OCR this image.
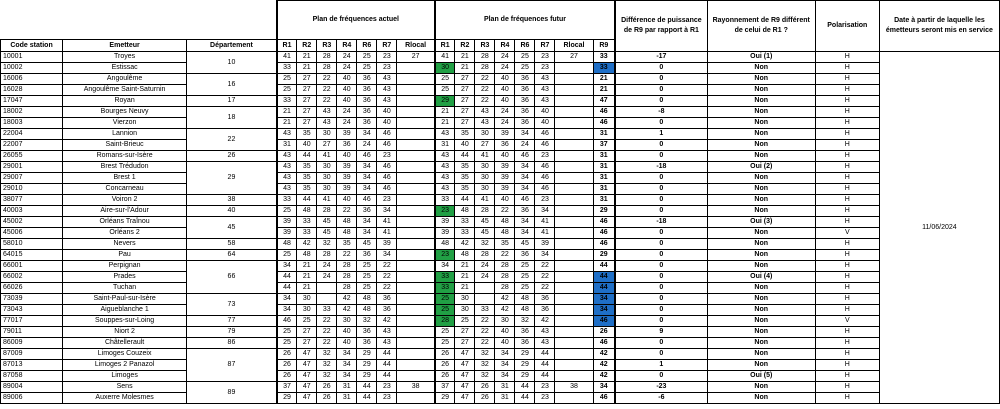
			Plan de fréquences actuel							Plan de fréquences futur								Différence de puissance de R9 par rapport à R1	Rayonnement de R9 différent de celui de R1 ?	Polarisation	Date à partir de laquelle les émetteurs seront mis en service
Code station	Emetteur	Département	R1	R2	R3	R4	R6	R7	Rlocal	R1	R2	R3	R4	R6	R7	Rlocal	R9				
10001	Troyes	10	41	21	28	24	25	23	27	41	21	28	24	25	23	27	33	-17	Oui (1)	H	11/06/2024
10002	Estissac		33	21	28	24	25	23		30	21	28	24	25	23		33	0	Non	H	
16006	Angoulême	16	25	27	22	40	36	43		25	27	22	40	36	43		21	0	Non	H	
16028	Angoulême Saint-Saturnin		25	27	22	40	36	43		25	27	22	40	36	43		21	0	Non	H	
17047	Royan	17	33	27	22	40	36	43		29	27	22	40	36	43		47	0	Non	H	
18002	Bourges Neuvy	18	21	27	43	24	36	40		21	27	43	24	36	40		46	-8	Non	H	
18003	Vierzon		21	27	43	24	36	40		21	27	43	24	36	40		46	0	Non	H	
22004	Lannion	22	43	35	30	39	34	46		43	35	30	39	34	46		31	1	Non	H	
22007	Saint-Brieuc		31	40	27	36	24	46		31	40	27	36	24	46		37	0	Non	H	
26055	Romans-sur-Isère	26	43	44	41	40	46	23		43	44	41	40	46	23		31	0	Non	H	
29001	Brest Trédudon	29	43	35	30	39	34	46		43	35	30	39	34	46		31	-18	Oui (2)	H	
29007	Brest 1		43	35	30	39	34	46		43	35	30	39	34	46		31	0	Non	H	
29010	Concarneau		43	35	30	39	34	46		43	35	30	39	34	46		31	0	Non	H	
38077	Voiron 2	38	33	44	41	40	46	23		33	44	41	40	46	23		31	0	Non	H	
40003	Aire-sur-l'Adour	40	25	48	28	22	36	34		23	48	28	22	36	34		29	0	Non	H	
45002	Orléans Traînou	45	39	33	45	48	34	41		39	33	45	48	34	41		46	-18	Oui (3)	H	
45006	Orléans 2		39	33	45	48	34	41		39	33	45	48	34	41		46	0	Non	V	
58010	Nevers	58	48	42	32	35	45	39		48	42	32	35	45	39		46	0	Non	H	
64015	Pau	64	25	48	28	22	36	34		23	48	28	22	36	34		29	0	Non	H	
66001	Perpignan	66	34	21	24	28	25	22		34	21	24	28	25	22		44	0	Non	H	
66002	Prades		44	21	24	28	25	22		33	21	24	28	25	22		44	0	Oui (4)	H	
66026	Tuchan		44	21		28	25	22		33	21		28	25	22		44	0	Non	H	
73039	Saint-Paul-sur-Isère	73	34	30		42	48	36		25	30		42	48	36		34	0	Non	H	
73043	Aigueblanche 1		34	30	33	42	48	36		25	30	33	42	48	36		34	0	Non	H	
77017	Souppes-sur-Loing	77	46	25	22	30	32	42		28	25	22	30	32	42		46	0	Non	V	
79011	Niort 2	79	25	27	22	40	36	43		25	27	22	40	36	43		26	9	Non	H	
86009	Châtellerault	86	25	27	22	40	36	43		25	27	22	40	36	43		46	0	Non	H	
87009	Limoges Couzeix	87	26	47	32	34	29	44		26	47	32	34	29	44		42	0	Non	H	
87013	Limoges 2 Panazol		26	47	32	34	29	44		26	47	32	34	29	44		42	1	Non	H	
87058	Limoges		26	47	32	34	29	44		26	47	32	34	29	44		42	0	Oui (5)	H	
89004	Sens	89	37	47	26	31	44	23	38	37	47	26	31	44	23	38	34	-23	Non	H	
89006	Auxerre Molesmes		29	47	26	31	44	23		29	47	26	31	44	23		46	-6	Non	H	
